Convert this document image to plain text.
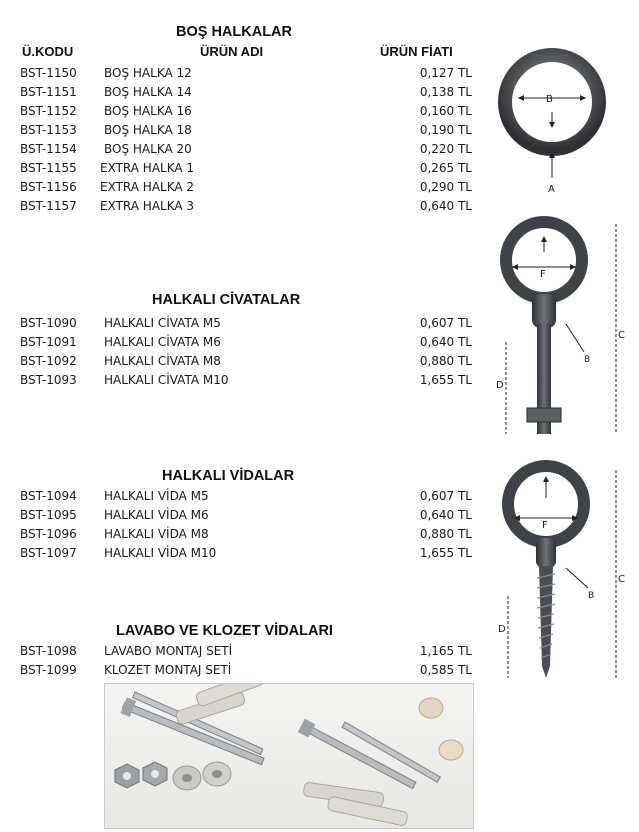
BOŞ HALKALAR
Ü.KODU	ÜRÜN ADI	ÜRÜN FİATI
BST-1150 BOŞ HALKA 12	0,127 TL
BST-1151 BOŞ HALKA 14	0,138 TL
BST-1152 BOŞ HALKA 16	0,160 TL
BST-1153 BOŞ HALKA 18	0,190 TL
BST-1154 BOŞ HALKA 20	0,220 TL
BST-1155 EXTRA HALKA 1	0,265 TL
BST-1156 EXTRA HALKA 2	0,290 TL
BST-1157 EXTRA HALKA 3	0,640 TL
HALKALI CİVATALAR
BST-1090 HALKALI CİVATA M5	0,607 TL
BST-1091 HALKALI CİVATA M6	0,640 TL
BST-1092 HALKALI CİVATA M8	0,880 TL
BST-1093 HALKALI CİVATA M10	1,655 TL
HALKALI VİDALAR
BST-1094 HALKALI VİDA M5	0,607 TL
BST-1095 HALKALI VİDA M6	0,640 TL
BST-1096 HALKALI VİDA M8	0,880 TL
BST-1097 HALKALI VİDA M10	1,655 TL
LAVABO VE KLOZET VİDALARI
BST-1098 LAVABO MONTAJ SETİ	1,165 TL
BST-1099 KLOZET MONTAJ SETİ	0,585 TL
B
A
F
B
C
D
F
B
C
D
